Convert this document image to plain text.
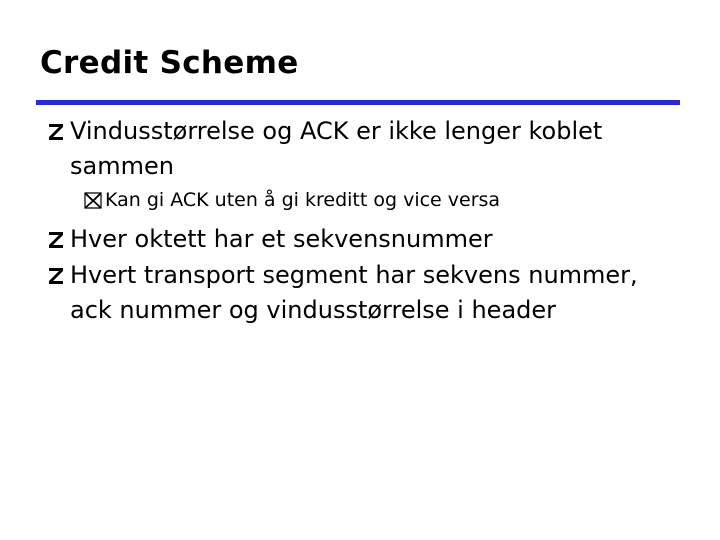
Credit Scheme
Vindusstørrelse og ACK er ikke lenger koblet
sammen
Kan gi ACK uten å gi kreditt og vice versa
Hver oktett har et sekvensnummer
Hvert transport segment har sekvens nummer,
ack nummer og vindusstørrelse i header
